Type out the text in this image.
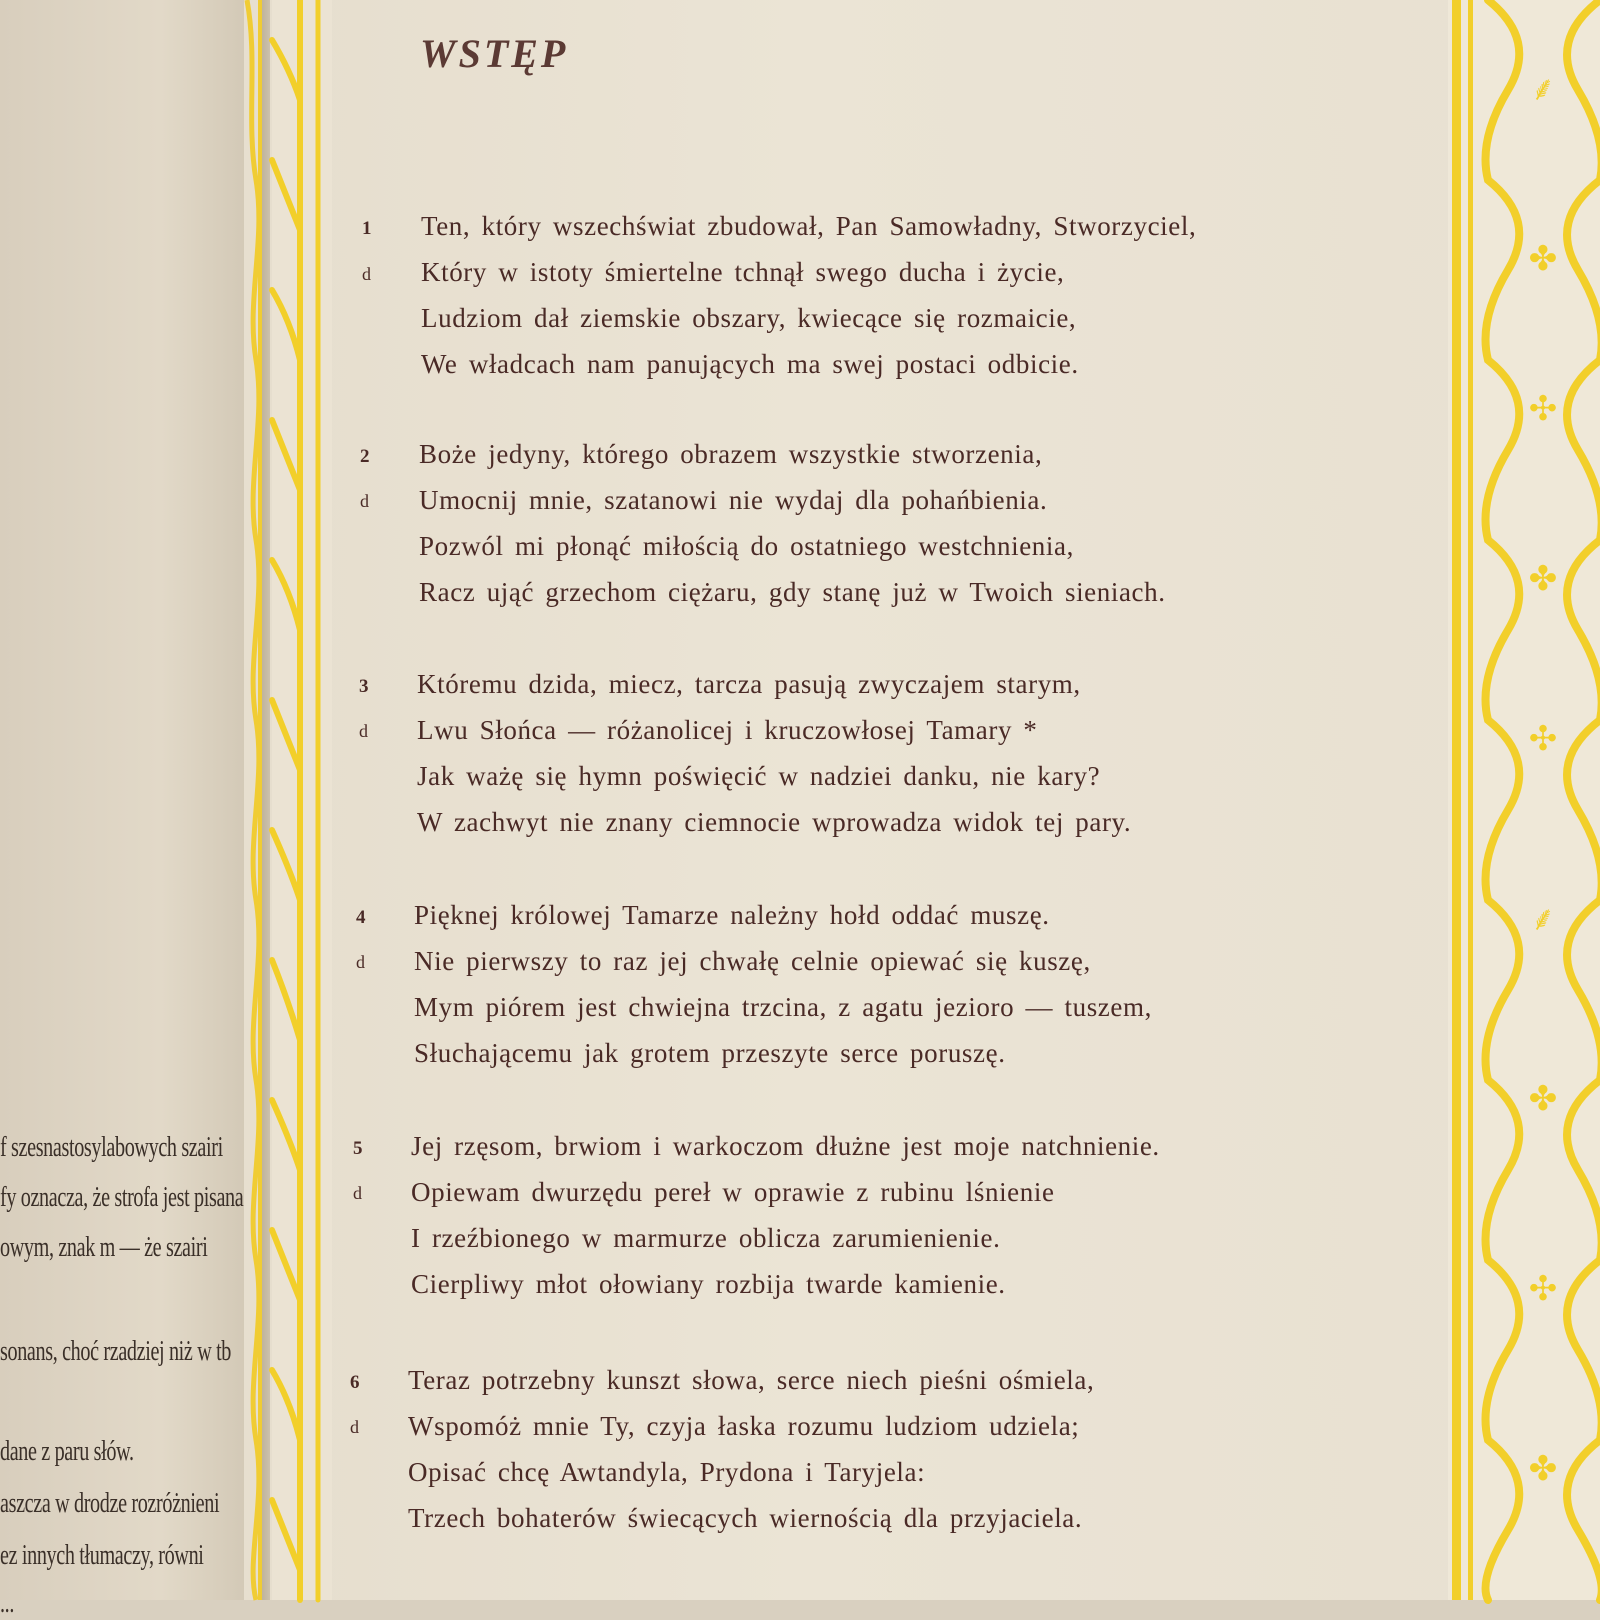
f szesnastosylabowych szairi
fy oznacza, że strofa jest pisana
owym, znak m — że szairi
sonans, choć rzadziej niż w tb
dane z paru słów.
aszcza w drodze rozróżnieni
ez innych tłumaczy, równi
...
⸙
✤
✣
✤
✣
⸙
✤
✣
✤
WSTĘP
1
d
Ten, który wszechświat zbudował, Pan Samowładny, Stworzyciel,
Który w istoty śmiertelne tchnął swego ducha i życie,
Ludziom dał ziemskie obszary, kwiecące się rozmaicie,
We władcach nam panujących ma swej postaci odbicie.
2
d
Boże jedyny, którego obrazem wszystkie stworzenia,
Umocnij mnie, szatanowi nie wydaj dla pohańbienia.
Pozwól mi płonąć miłością do ostatniego westchnienia,
Racz ująć grzechom ciężaru, gdy stanę już w Twoich sieniach.
3
d
Któremu dzida, miecz, tarcza pasują zwyczajem starym,
Lwu Słońca — różanolicej i kruczowłosej Tamary *
Jak ważę się hymn poświęcić w nadziei danku, nie kary?
W zachwyt nie znany ciemnocie wprowadza widok tej pary.
4
d
Pięknej królowej Tamarze należny hołd oddać muszę.
Nie pierwszy to raz jej chwałę celnie opiewać się kuszę,
Mym piórem jest chwiejna trzcina, z agatu jezioro — tuszem,
Słuchającemu jak grotem przeszyte serce poruszę.
5
d
Jej rzęsom, brwiom i warkoczom dłużne jest moje natchnienie.
Opiewam dwurzędu pereł w oprawie z rubinu lśnienie
I rzeźbionego w marmurze oblicza zarumienienie.
Cierpliwy młot ołowiany rozbija twarde kamienie.
6
d
Teraz potrzebny kunszt słowa, serce niech pieśni ośmiela,
Wspomóż mnie Ty, czyja łaska rozumu ludziom udziela;
Opisać chcę Awtandyla, Prydona i Taryjela:
Trzech bohaterów świecących wiernością dla przyjaciela.
